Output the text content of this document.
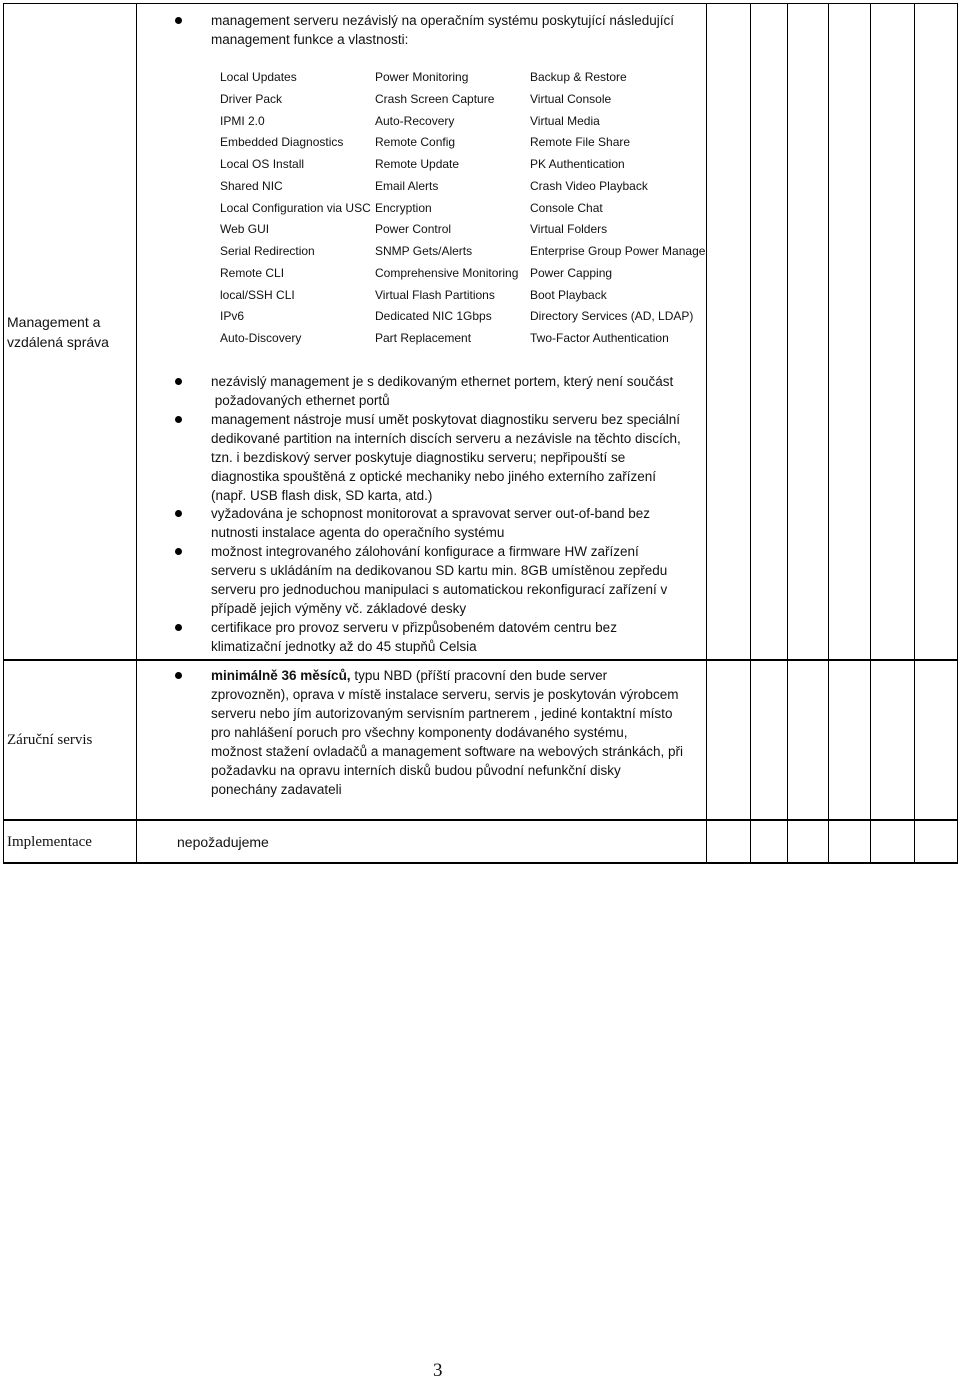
Management a
vzdálená správa
management serveru nezávislý na operačním systému poskytující následující
management funkce a vlastnosti:
Local Updates
Driver Pack
IPMI 2.0
Embedded Diagnostics
Local OS Install
Shared NIC
Local Configuration via USC
Web GUI
Serial Redirection
Remote CLI
local/SSH CLI
IPv6
Auto-Discovery
Power Monitoring
Crash Screen Capture
Auto-Recovery
Remote Config
Remote Update
Email Alerts
Encryption
Power Control
SNMP Gets/Alerts
Comprehensive Monitoring
Virtual Flash Partitions
Dedicated NIC 1Gbps
Part Replacement
Backup & Restore
Virtual Console
Virtual Media
Remote File Share
PK Authentication
Crash Video Playback
Console Chat
Virtual Folders
Enterprise Group Power Manage
Power Capping
Boot Playback
Directory Services (AD, LDAP)
Two-Factor Authentication
nezávislý management je s dedikovaným ethernet portem, který není součást
požadovaných ethernet portů
management nástroje musí umět poskytovat diagnostiku serveru bez speciální
dedikované partition na interních discích serveru a nezávisle na těchto discích,
tzn. i bezdiskový server poskytuje diagnostiku serveru; nepřipouští se
diagnostika spouštěná z optické mechaniky nebo jiného externího zařízení
(např. USB flash disk, SD karta, atd.)
vyžadována je schopnost monitorovat a spravovat server out-of-band bez
nutnosti instalace agenta do operačního systému
možnost integrovaného zálohování konfigurace a firmware HW zařízení
serveru s ukládáním na dedikovanou SD kartu min. 8GB umístěnou zepředu
serveru pro jednoduchou manipulaci s automatickou rekonfigurací zařízení v
případě jejich výměny vč. základové desky
certifikace pro provoz serveru v přizpůsobeném datovém centru bez
klimatizační jednotky až do 45 stupňů Celsia
Záruční servis
minimálně 36 měsíců, typu NBD (příští pracovní den bude server
zprovozněn), oprava v místě instalace serveru, servis je poskytován výrobcem
serveru nebo jím autorizovaným servisním partnerem , jediné kontaktní místo
pro nahlášení poruch pro všechny komponenty dodávaného systému,
možnost stažení ovladačů a management software na webových stránkách, při
požadavku na opravu interních disků budou původní nefunkční disky
ponechány zadavateli
Implementace	nepožadujeme
3
